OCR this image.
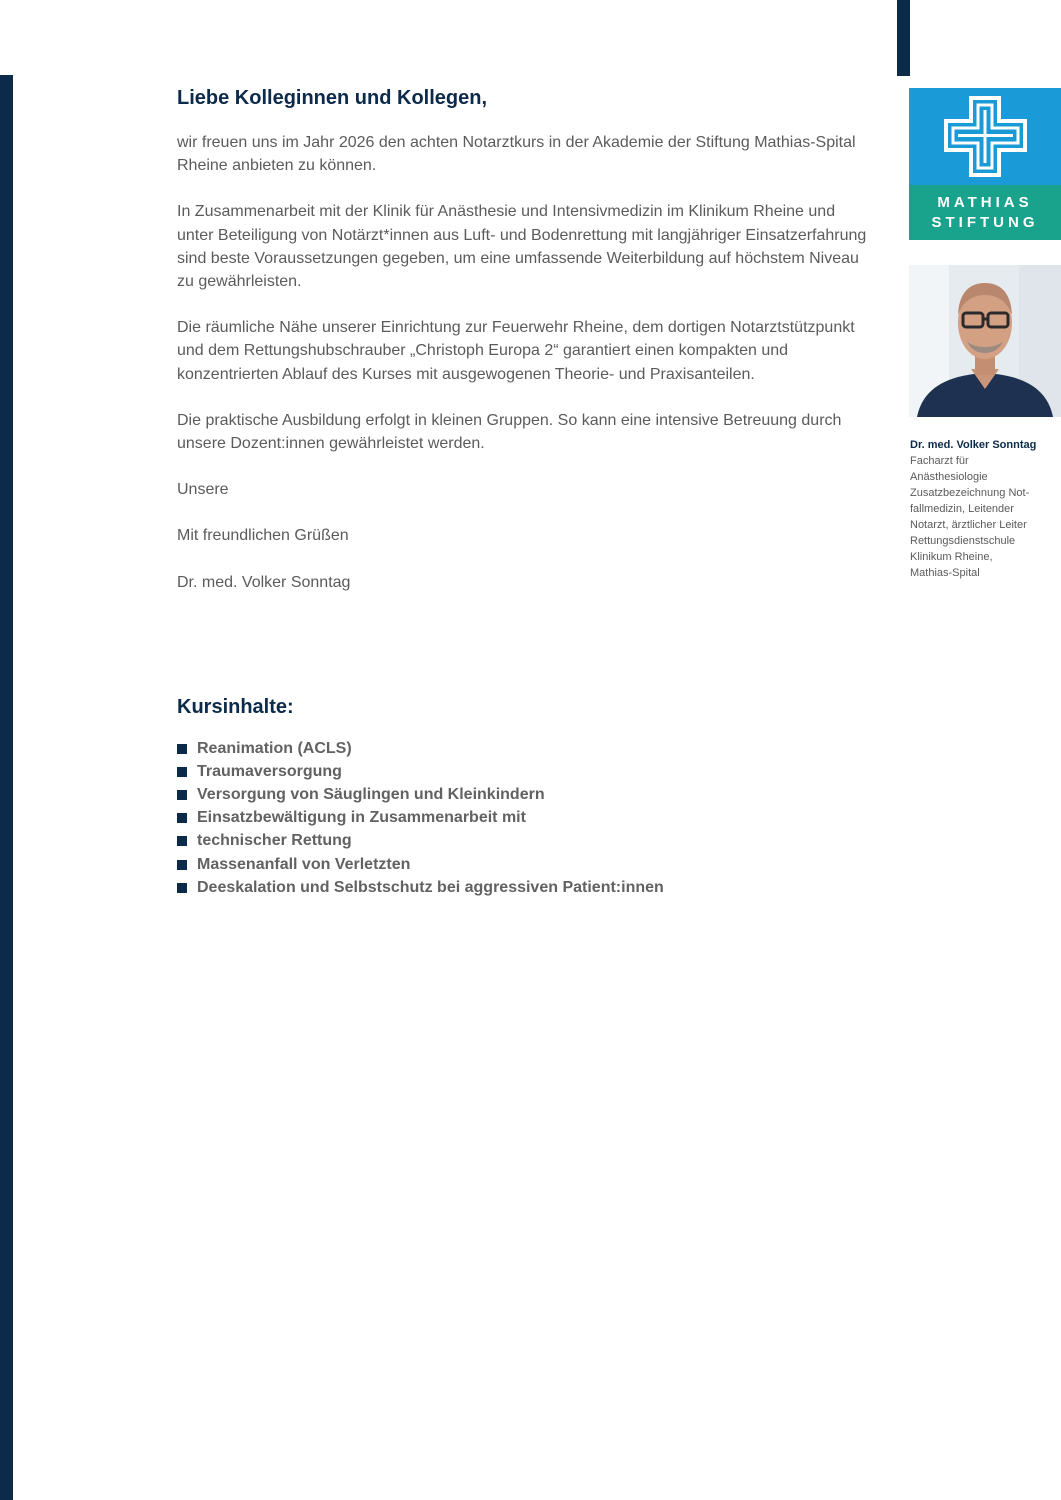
Liebe Kolleginnen und Kollegen,

wir freuen uns im Jahr 2026 den achten Notarztkurs in der Akademie der Stiftung Mathias-Spital Rheine anbieten zu können.

In Zusammenarbeit mit der Klinik für Anästhesie und Intensivmedizin im Klinikum Rheine und unter Beteiligung von Notärzt*innen aus Luft- und Bodenrettung mit langjähriger Einsatzerfahrung sind beste Voraussetzungen gegeben, um eine umfassende Weiterbildung auf höchstem Niveau zu gewährleisten.

Die räumliche Nähe unserer Einrichtung zur Feuerwehr Rheine, dem dortigen Notarztstützpunkt und dem Rettungshubschrauber „Christoph Europa 2“ garantiert einen kompakten und konzentrierten Ablauf des Kurses mit ausgewogenen Theorie- und Praxisanteilen.

Die praktische Ausbildung erfolgt in kleinen Gruppen. So kann eine intensive Betreuung durch unsere Dozent:innen gewährleistet werden.

Unsere

Mit freundlichen Grüßen

Dr. med. Volker Sonntag

Kursinhalte:
Reanimation (ACLS)
Traumaversorgung
Versorgung von Säuglingen und Kleinkindern
Einsatzbewältigung in Zusammenarbeit mit
technischer Rettung
Massenanfall von Verletzten
Deeskalation und Selbstschutz bei aggressiven Patient:innen
MATHIAS
STIFTUNG
Dr. med. Volker Sonntag
Facharzt für
Anästhesiologie
Zusatzbezeichnung Not-
fallmedizin, Leitender
Notarzt, ärztlicher Leiter
Rettungsdienstschule
Klinikum Rheine,
Mathias-Spital
